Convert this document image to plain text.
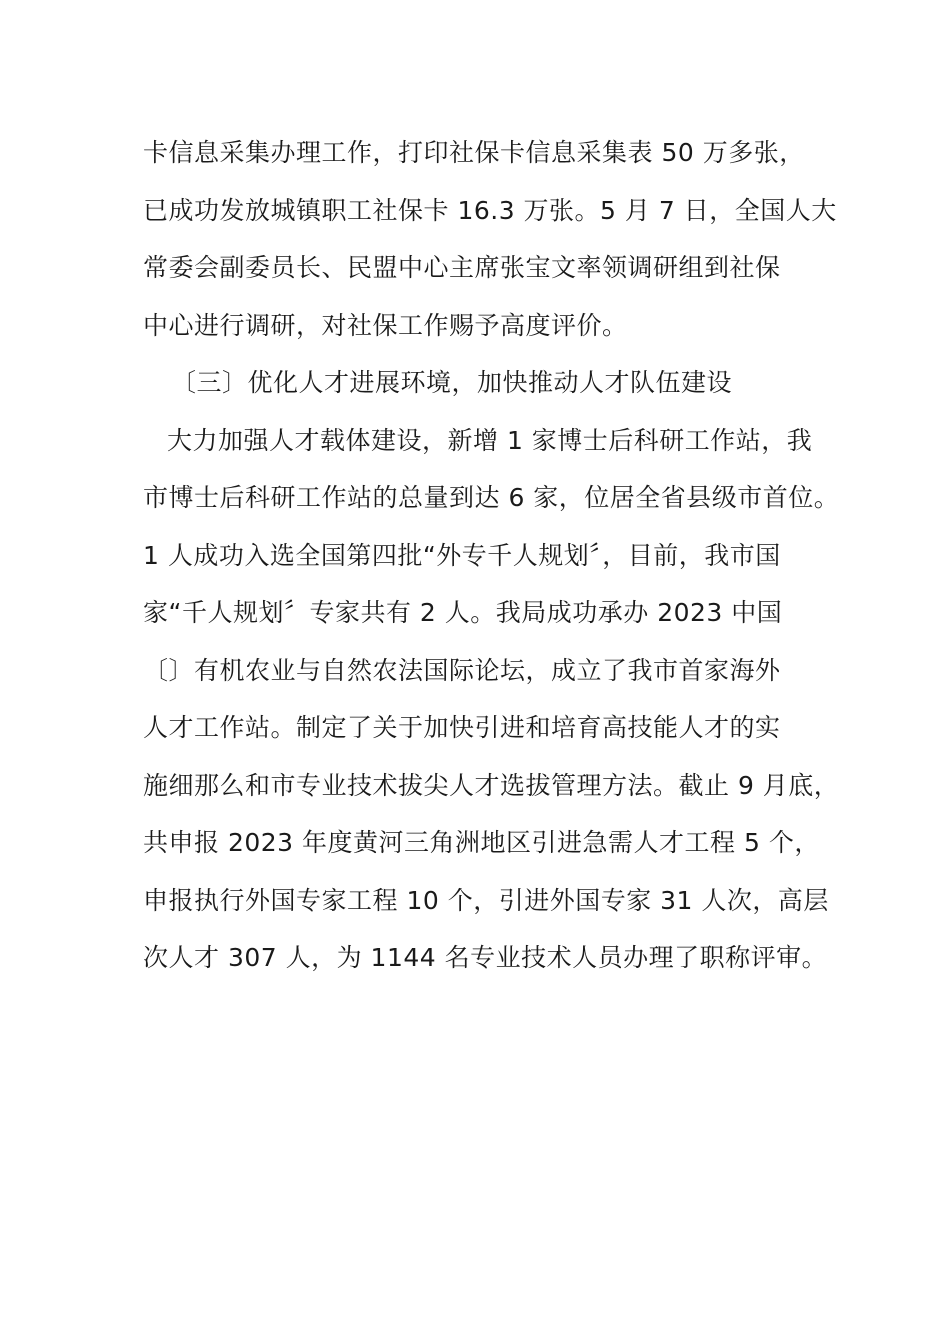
卡信息采集办理工作，打印社保卡信息采集表 50 万多张，
已成功发放城镇职工社保卡 16.3 万张。5 月 7 日，全国人大
常委会副委员长、民盟中心主席张宝文率领调研组到社保
中心进行调研，对社保工作赐予高度评价。
〔三〕优化人才进展环境，加快推动人才队伍建设
大力加强人才载体建设，新增 1 家博士后科研工作站，我
市博士后科研工作站的总量到达 6 家，位居全省县级市首位。
1 人成功入选全国第四批“外专千人规划〞，目前，我市国
家“千人规划〞专家共有 2 人。我局成功承办 2023 中国
〔〕有机农业与自然农法国际论坛，成立了我市首家海外
人才工作站。制定了关于加快引进和培育高技能人才的实
施细那么和市专业技术拔尖人才选拔管理方法。截止 9 月底，
共申报 2023 年度黄河三角洲地区引进急需人才工程 5 个，
申报执行外国专家工程 10 个，引进外国专家 31 人次，高层
次人才 307 人，为 1144 名专业技术人员办理了职称评审。
